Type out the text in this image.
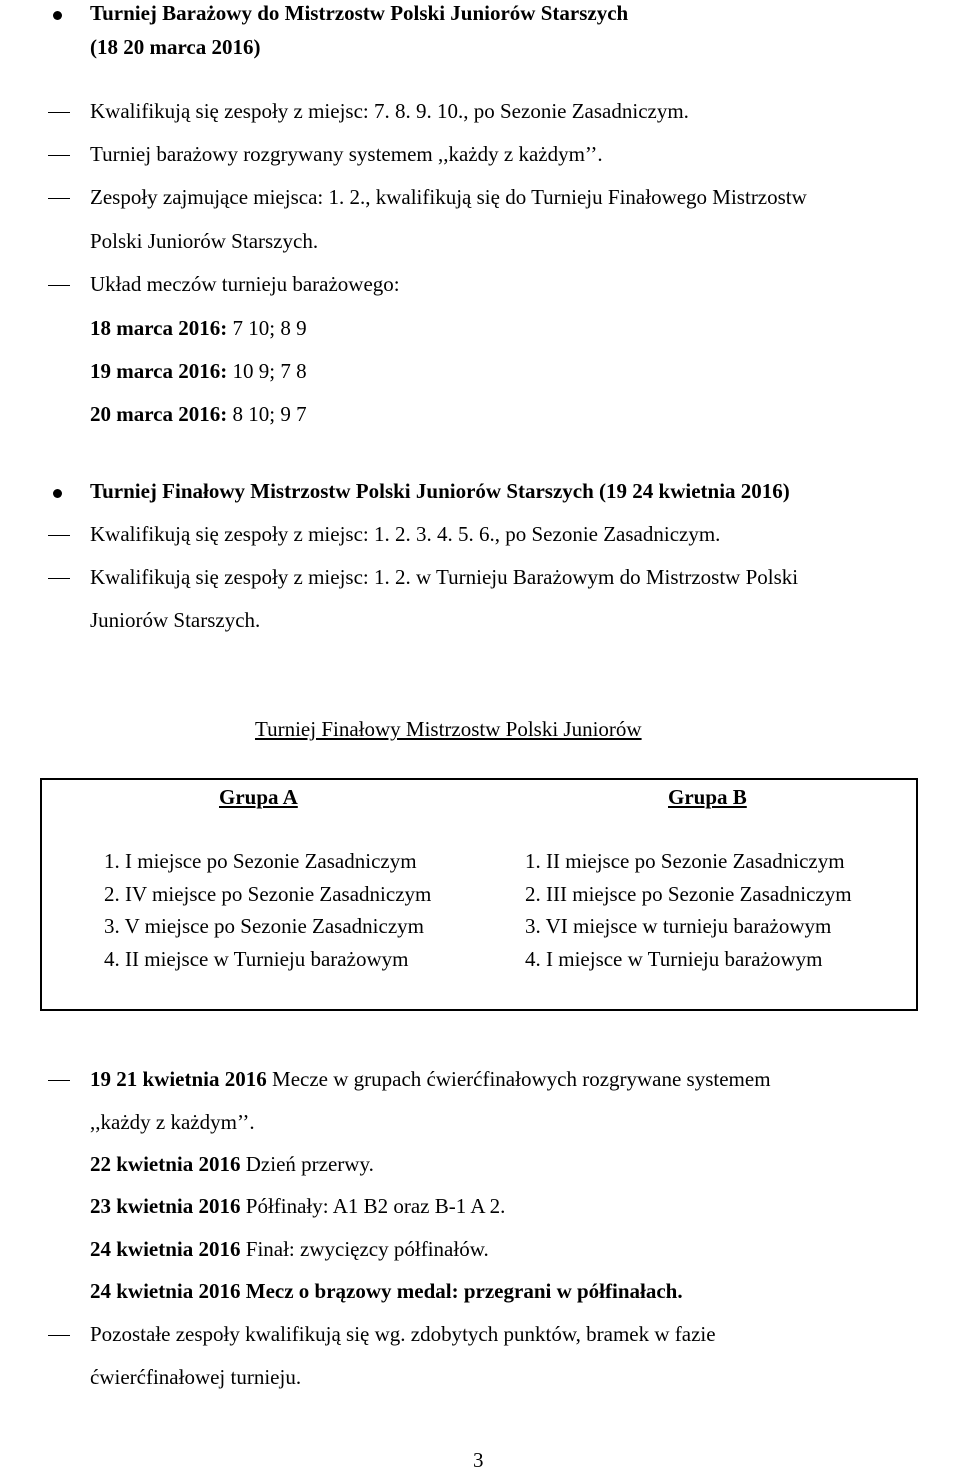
Turniej Barażowy do Mistrzostw Polski Juniorów Starszych
(18 20 marca 2016)
Kwalifikują się zespoły z miejsc: 7. 8. 9. 10., po Sezonie Zasadniczym.
Turniej barażowy rozgrywany systemem ,,każdy z każdym’’.
Zespoły zajmujące miejsca: 1. 2., kwalifikują się do Turnieju Finałowego Mistrzostw
Polski Juniorów Starszych.
Układ meczów turnieju barażowego:
18 marca 2016: 7 10; 8 9
19 marca 2016: 10 9; 7 8
20 marca 2016: 8 10; 9 7
Turniej Finałowy Mistrzostw Polski Juniorów Starszych (19 24 kwietnia 2016)
Kwalifikują się zespoły z miejsc: 1. 2. 3. 4. 5. 6., po Sezonie Zasadniczym.
Kwalifikują się zespoły z miejsc: 1. 2. w Turnieju Barażowym do Mistrzostw Polski
Juniorów Starszych.
Turniej Finałowy Mistrzostw Polski Juniorów
Grupa A	Grupa B
1. I miejsce po Sezonie Zasadniczym
2. IV miejsce po Sezonie Zasadniczym
3. V miejsce po Sezonie Zasadniczym
4. II miejsce w Turnieju barażowym
1. II miejsce po Sezonie Zasadniczym
2. III miejsce po Sezonie Zasadniczym
3. VI miejsce w turnieju barażowym
4. I miejsce w Turnieju barażowym
19 21 kwietnia 2016 Mecze w grupach ćwierćfinałowych rozgrywane systemem
,,każdy z każdym’’.
22 kwietnia 2016 Dzień przerwy.
23 kwietnia 2016 Półfinały: A1 B2 oraz B-1 A 2.
24 kwietnia 2016 Finał: zwycięzcy półfinałów.
24 kwietnia 2016 Mecz o brązowy medal: przegrani w półfinałach.
Pozostałe zespoły kwalifikują się wg. zdobytych punktów, bramek w fazie
ćwierćfinałowej turnieju.
3
